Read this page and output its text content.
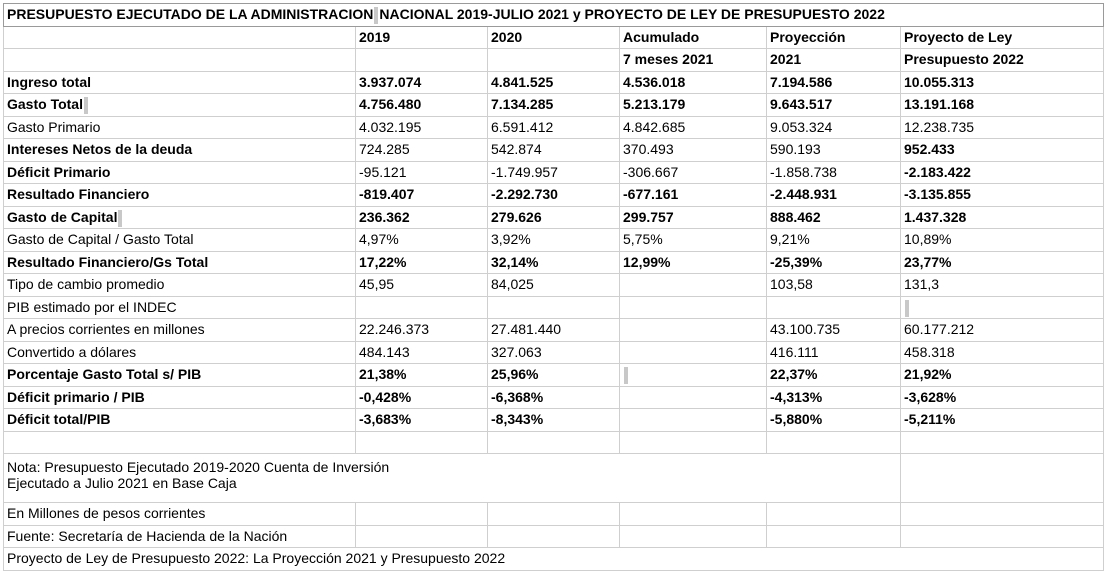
PRESUPUESTO EJECUTADO DE LA ADMINISTRACION NACIONAL 2019-JULIO 2021 y PROYECTO DE LEY DE PRESUPUESTO 2022					
	2019	2020	Acumulado	Proyección	Proyecto de Ley
			7 meses 2021	2021	Presupuesto 2022
Ingreso total	3.937.074	4.841.525	4.536.018	7.194.586	10.055.313
Gasto Total	4.756.480	7.134.285	5.213.179	9.643.517	13.191.168
Gasto Primario	4.032.195	6.591.412	4.842.685	9.053.324	12.238.735
Intereses Netos de la deuda	724.285	542.874	370.493	590.193	952.433
Déficit Primario	-95.121	-1.749.957	-306.667	-1.858.738	-2.183.422
Resultado Financiero	-819.407	-2.292.730	-677.161	-2.448.931	-3.135.855
Gasto de Capital	236.362	279.626	299.757	888.462	1.437.328
Gasto de Capital / Gasto Total	4,97%	3,92%	5,75%	9,21%	10,89%
Resultado Financiero/Gs Total	17,22%	32,14%	12,99%	-25,39%	23,77%
Tipo de cambio promedio	45,95	84,025		103,58	131,3
PIB estimado por el INDEC					
A precios corrientes en millones	22.246.373	27.481.440		43.100.735	60.177.212
Convertido a dólares	484.143	327.063		416.111	458.318
Porcentaje Gasto Total s/ PIB	21,38%	25,96%		22,37%	21,92%
Déficit primario / PIB	-0,428%	-6,368%		-4,313%	-3,628%
Déficit total/PIB	-3,683%	-8,343%		-5,880%	-5,211%

Nota: Presupuesto Ejecutado 2019-2020 Cuenta de Inversión
Ejecutado a Julio 2021 en Base Caja					

En Millones de pesos corrientes					
Fuente: Secretaría de Hacienda de la Nación					
Proyecto de Ley de Presupuesto 2022: La Proyección 2021 y Presupuesto 2022					
